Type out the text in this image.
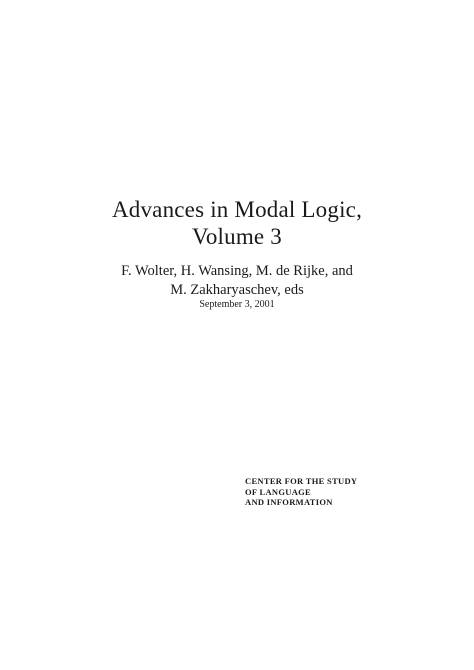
Advances in Modal Logic,
Volume 3
F. Wolter, H. Wansing, M. de Rijke, and
M. Zakharyaschev, eds
September 3, 2001
CENTER FOR THE STUDY
OF LANGUAGE
AND INFORMATION
